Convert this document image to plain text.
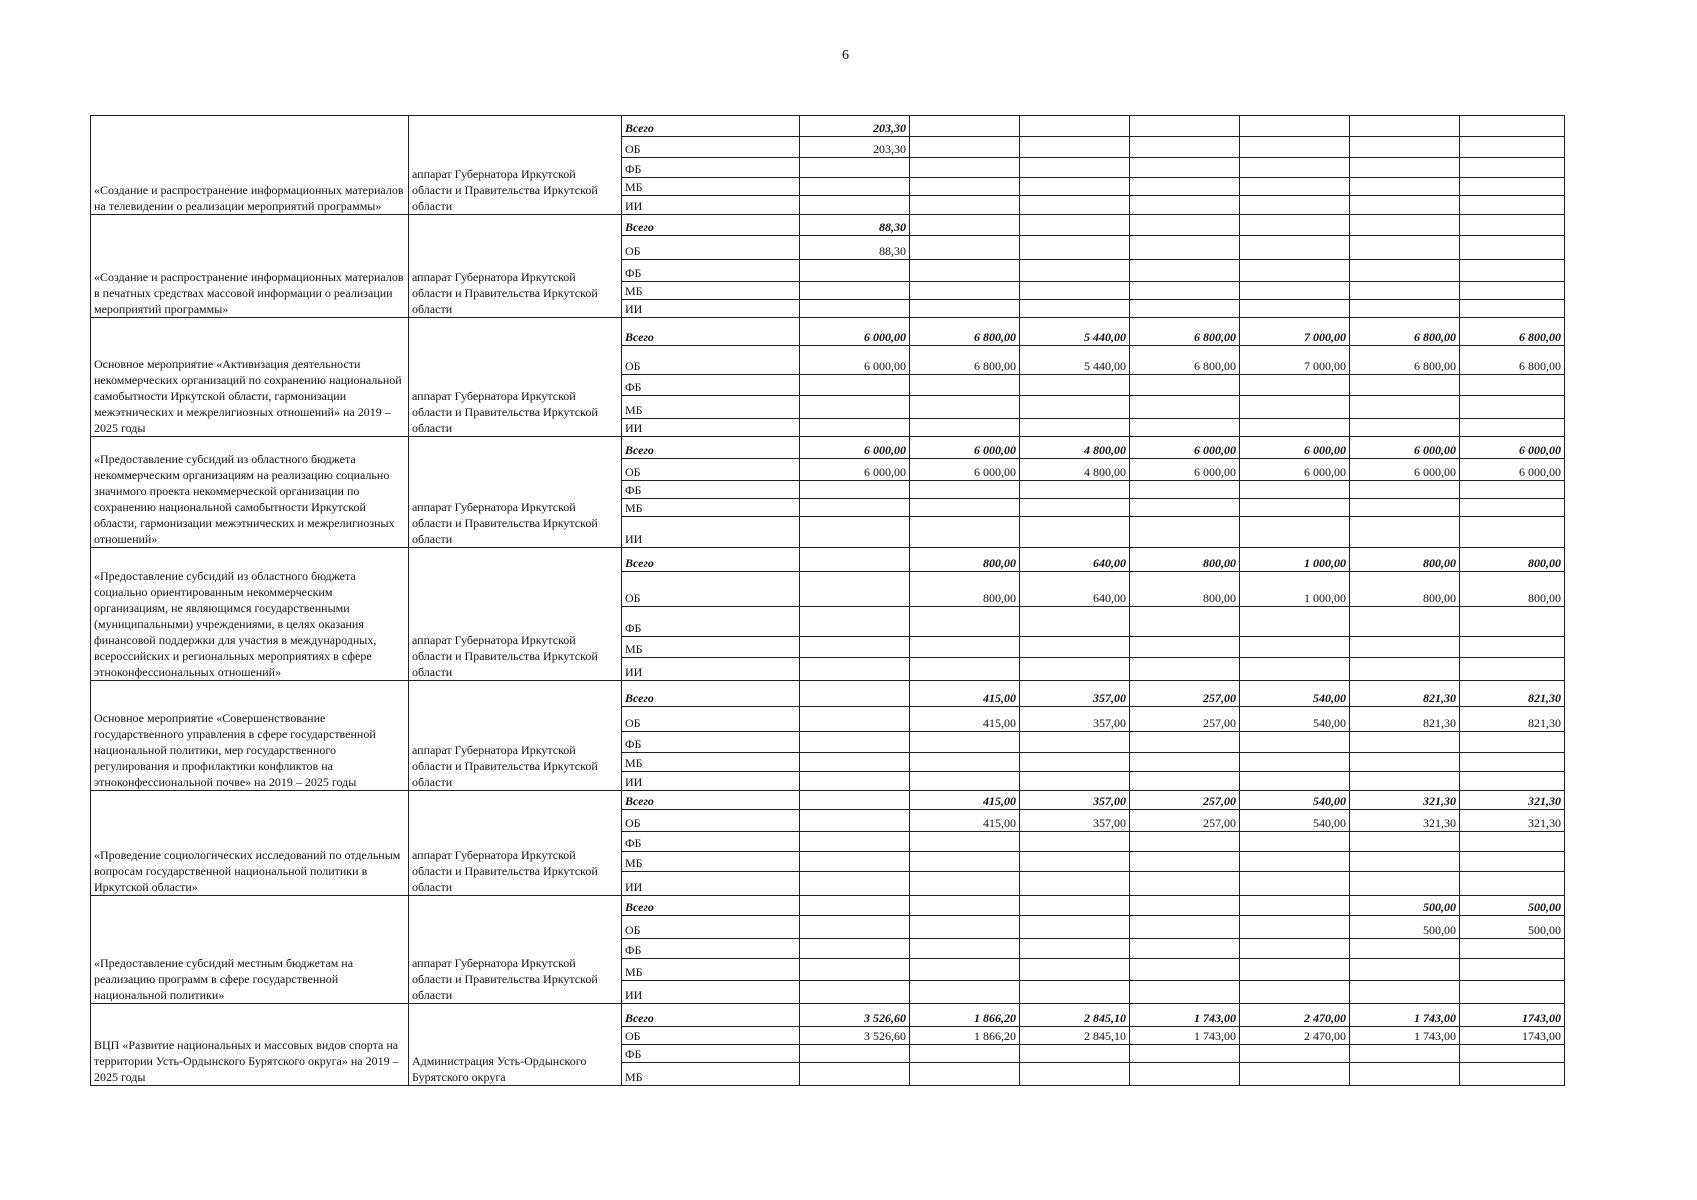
6
«Создание и распространение информационных материалов на телевидении о реализации мероприятий программы»	аппарат Губернатора Иркутской области и Правительства Иркутской области	Всего	203,30						
		ОБ	203,30						
		ФБ							
		МБ							
		ИИ							
«Создание и распространение информационных материалов в печатных средствах массовой информации о реализации мероприятий программы»	аппарат Губернатора Иркутской области и Правительства Иркутской области	Всего	88,30						
		ОБ	88,30						
		ФБ							
		МБ							
		ИИ							
Основное мероприятие «Активизация деятельности некоммерческих организаций по сохранению национальной самобытности Иркутской области, гармонизации межэтнических и межрелигиозных отношений» на 2019 – 2025 годы	аппарат Губернатора Иркутской области и Правительства Иркутской области	Всего	6 000,00	6 800,00	5 440,00	6 800,00	7 000,00	6 800,00	6 800,00
		ОБ	6 000,00	6 800,00	5 440,00	6 800,00	7 000,00	6 800,00	6 800,00
		ФБ							
		МБ							
		ИИ							
«Предоставление субсидий из областного бюджета некоммерческим организациям на реализацию социально значимого проекта некоммерческой организации по сохранению национальной самобытности Иркутской области, гармонизации межэтнических и межрелигиозных отношений»	аппарат Губернатора Иркутской области и Правительства Иркутской области	Всего	6 000,00	6 000,00	4 800,00	6 000,00	6 000,00	6 000,00	6 000,00
		ОБ	6 000,00	6 000,00	4 800,00	6 000,00	6 000,00	6 000,00	6 000,00
		ФБ							
		МБ							
		ИИ							
«Предоставление субсидий из областного бюджета социально ориентированным некоммерческим организациям, не являющимся государственными (муниципальными) учреждениями, в целях оказания финансовой поддержки для участия в международных, всероссийских и региональных мероприятиях в сфере этноконфессиональных отношений»	аппарат Губернатора Иркутской области и Правительства Иркутской области	Всего		800,00	640,00	800,00	1 000,00	800,00	800,00
		ОБ		800,00	640,00	800,00	1 000,00	800,00	800,00
		ФБ							
		МБ							
		ИИ							
Основное мероприятие «Совершенствование государственного управления в сфере государственной национальной политики, мер государственного регулирования и профилактики конфликтов на этноконфессиональной почве» на 2019 – 2025 годы	аппарат Губернатора Иркутской области и Правительства Иркутской области	Всего		415,00	357,00	257,00	540,00	821,30	821,30
		ОБ		415,00	357,00	257,00	540,00	821,30	821,30
		ФБ							
		МБ							
		ИИ							
«Проведение социологических исследований по отдельным вопросам государственной национальной политики в Иркутской области»	аппарат Губернатора Иркутской области и Правительства Иркутской области	Всего		415,00	357,00	257,00	540,00	321,30	321,30
		ОБ		415,00	357,00	257,00	540,00	321,30	321,30
		ФБ							
		МБ							
		ИИ							
«Предоставление субсидий местным бюджетам на реализацию программ в сфере государственной национальной политики»	аппарат Губернатора Иркутской области и Правительства Иркутской области	Всего						500,00	500,00
		ОБ						500,00	500,00
		ФБ							
		МБ							
		ИИ							
ВЦП «Развитие национальных и массовых видов спорта на территории Усть-Ордынского Бурятского округа» на 2019 – 2025 годы	Администрация Усть-Ордынского Бурятского округа	Всего	3 526,60	1 866,20	2 845,10	1 743,00	2 470,00	1 743,00	1743,00
		ОБ	3 526,60	1 866,20	2 845,10	1 743,00	2 470,00	1 743,00	1743,00
		ФБ							
		МБ							
